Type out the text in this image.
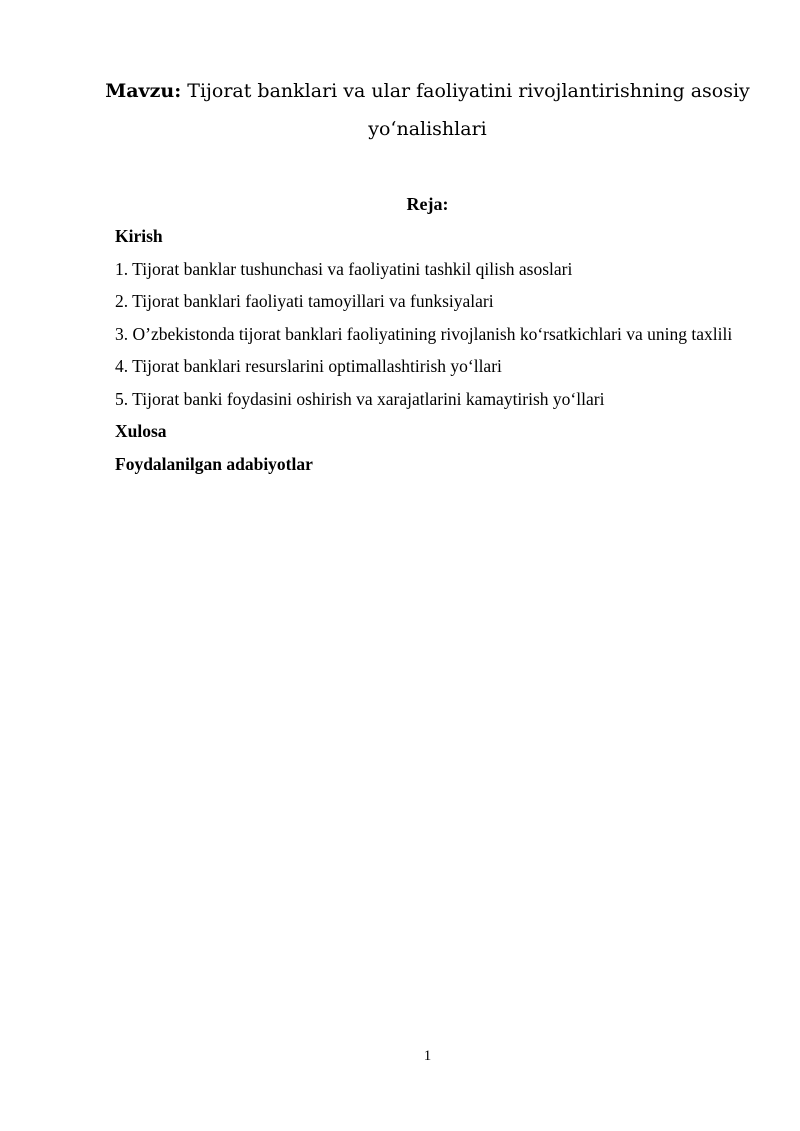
Mavzu: Tijorat banklari va ular faoliyatini rivojlantirishning asosiy yo‘nalishlari

Reja:

Kirish
1. Tijorat banklar tushunchasi va faoliyatini tashkil qilish asoslari
2. Tijorat banklari faoliyati tamoyillari va funksiyalari
3. O’zbekistonda tijorat banklari faoliyatining rivojlanish ko‘rsatkichlari va uning taxlili
4. Tijorat banklari resurslarini optimallashtirish yo‘llari
5. Tijorat banki foydasini oshirish va xarajatlarini kamaytirish yo‘llari
Xulosa
Foydalanilgan adabiyotlar
1
